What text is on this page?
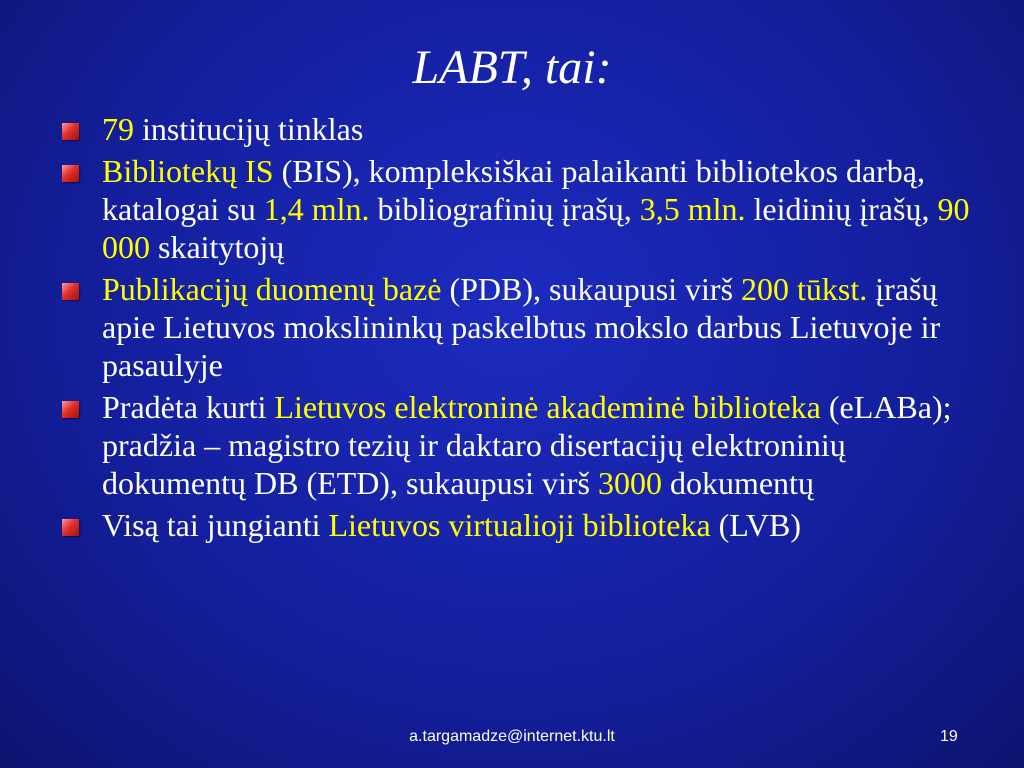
LABT, tai:
79 institucijų tinklas
Bibliotekų IS (BIS), kompleksiškai palaikanti bibliotekos darbą, katalogai su 1,4 mln. bibliografinių įrašų, 3,5 mln. leidinių įrašų, 90 000 skaitytojų
Publikacijų duomenų bazė (PDB), sukaupusi virš 200 tūkst. įrašų apie Lietuvos mokslininkų paskelbtus mokslo darbus Lietuvoje ir pasaulyje
Pradėta kurti Lietuvos elektroninė akademinė biblioteka (eLABa); pradžia – magistro tezių ir daktaro disertacijų elektroninių dokumentų DB (ETD), sukaupusi virš 3000 dokumentų
Visą tai jungianti Lietuvos virtualioji biblioteka (LVB)
a.targamadze@internet.ktu.lt	19
